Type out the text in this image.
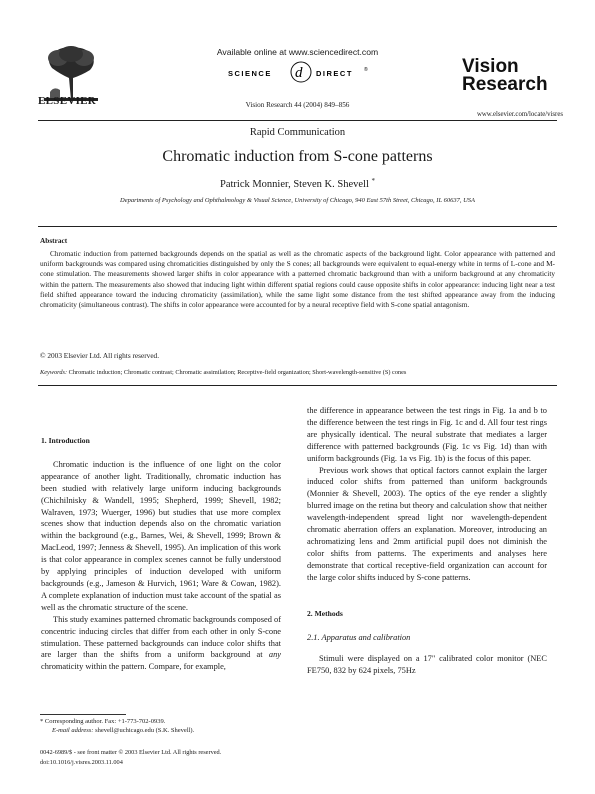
ELSEVIER
Available online at www.sciencedirect.com
SCIENCE d DIRECT ®
Vision Research 44 (2004) 849–856
Vision
Research
www.elsevier.com/locate/visres
Rapid Communication
Chromatic induction from S-cone patterns
Patrick Monnier, Steven K. Shevell *
Departments of Psychology and Ophthalmology & Visual Science, University of Chicago, 940 East 57th Street, Chicago, IL 60637, USA
Abstract
Chromatic induction from patterned backgrounds depends on the spatial as well as the chromatic aspects of the background light. Color appearance with patterned and uniform backgrounds was compared using chromaticities distinguished by only the S cones; all backgrounds were equivalent to equal-energy white in terms of L-cone and M-cone stimulation. The measurements showed larger shifts in color appearance with a patterned chromatic background than with a uniform background at any chromaticity within the pattern. The measurements also showed that inducing light within different spatial regions could cause opposite shifts in color appearance: inducing light near a test field shifted appearance toward the inducing chromaticity (assimilation), while the same light some distance from the test shifted appearance away from the inducing chromaticity (simultaneous contrast). The shifts in color appearance were accounted for by a neural receptive field with S-cone spatial antagonism.
© 2003 Elsevier Ltd. All rights reserved.
Keywords: Chromatic induction; Chromatic contrast; Chromatic assimilation; Receptive-field organization; Short-wavelength-sensitive (S) cones
1. Introduction

Chromatic induction is the influence of one light on the color appearance of another light. Traditionally, chromatic induction has been studied with relatively large uniform inducing backgrounds (Chichilnisky & Wandell, 1995; Shepherd, 1999; Shevell, 1982; Walraven, 1973; Wuerger, 1996) but studies that use more complex scenes show that induction depends also on the chromatic variation within the background (e.g., Barnes, Wei, & Shevell, 1999; Brown & MacLeod, 1997; Jenness & Shevell, 1995). An implication of this work is that color appearance in complex scenes cannot be fully understood by applying principles of induction developed with uniform backgrounds (e.g., Jameson & Hurvich, 1961; Ware & Cowan, 1982). A complete explanation of induction must take account of the spatial as well as the chromatic structure of the scene.

This study examines patterned chromatic backgrounds composed of concentric inducing circles that differ from each other in only S-cone stimulation. These patterned backgrounds can induce color shifts that are larger than the shifts from a uniform background at any chromaticity within the pattern. Compare, for example,

the difference in appearance between the test rings in Fig. 1a and b to the difference between the test rings in Fig. 1c and d. All four test rings are physically identical. The neural substrate that mediates a larger difference with patterned backgrounds (Fig. 1c vs Fig. 1d) than with uniform backgrounds (Fig. 1a vs Fig. 1b) is the focus of this paper.

Previous work shows that optical factors cannot explain the larger induced color shifts from patterned than uniform backgrounds (Monnier & Shevell, 2003). The optics of the eye render a slightly blurred image on the retina but theory and calculation show that neither wavelength-independent spread light nor wavelength-dependent chromatic aberration offers an explanation. Moreover, introducing an achromatizing lens and 2mm artificial pupil does not diminish the color shifts from patterns. The experiments and analyses here demonstrate that cortical receptive-field organization can account for the large color shifts induced by S-cone patterns.

2. Methods
2.1. Apparatus and calibration

Stimuli were displayed on a 17" calibrated color monitor (NEC FE750, 832 by 624 pixels, 75Hz

* Corresponding author. Fax: +1-773-702-0939.
E-mail address: shevell@uchicago.edu (S.K. Shevell).
0042-6989/$ - see front matter © 2003 Elsevier Ltd. All rights reserved.
doi:10.1016/j.visres.2003.11.004
